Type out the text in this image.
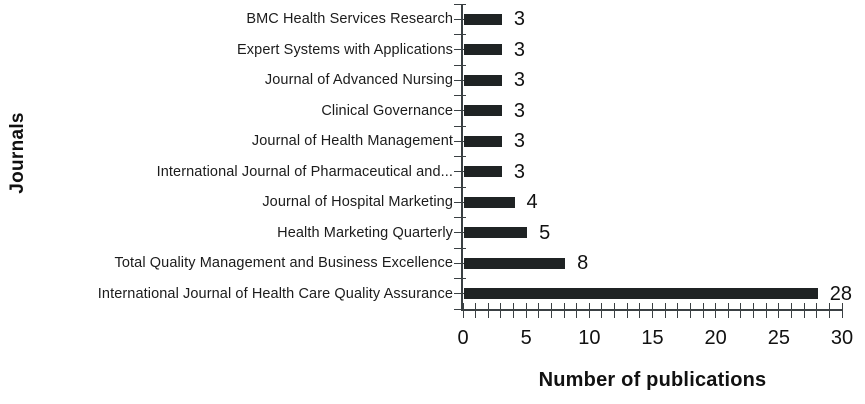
Journals
BMC Health Services Research
Expert Systems with Applications
Journal of Advanced Nursing
Clinical Governance
Journal of Health Management
International Journal of Pharmaceutical and...
Journal of Hospital Marketing
Health Marketing Quarterly
Total Quality Management and Business Excellence
International Journal of Health Care Quality Assurance
3
3
3
3
3
3
4
5
8
28
0	5	10	15	20	25	30
Number of publications
